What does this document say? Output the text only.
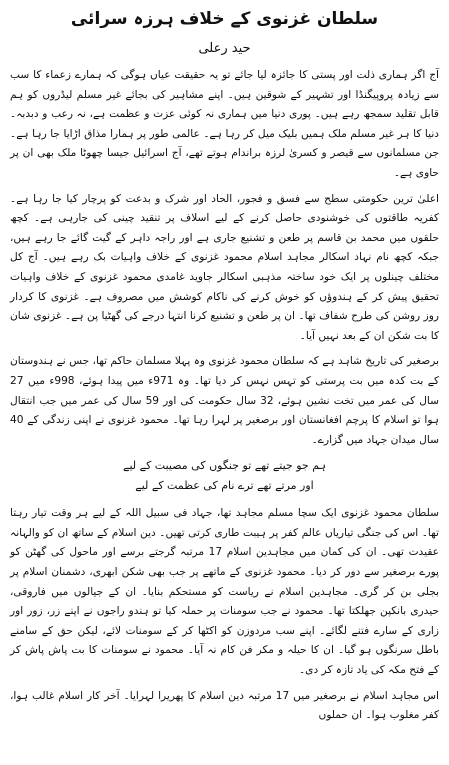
سلطان غزنوی کے خلاف ہرزہ سرائی
حید رعلی

آج اگر ہماری ذلت اور پستی کا جائزہ لیا جائے تو یہ حقیقت عیاں ہوگی کہ ہمارے زعماء کا سب سے زیادہ پروپیگنڈا اور تشہیر کے شوقین ہیں۔ اپنے مشاہیر کی بجائے غیر مسلم لیڈروں کو ہم قابل تقلید سمجھ رہے ہیں۔ پوری دنیا میں ہماری نہ کوئی عزت و عظمت ہے، نہ رعب و دبدبہ۔ دنیا کا ہر غیر مسلم ملک ہمیں بلیک میل کر رہا ہے۔ عالمی طور پر ہمارا مذاق اڑایا جا رہا ہے۔ جن مسلمانوں سے قیصر و کسریٰ لرزہ براندام ہوتے تھے، آج اسرائیل جیسا چھوٹا ملک بھی ان پر حاوی ہے۔

اعلیٰ ترین حکومتی سطح سے فسق و فجور، الحاد اور شرک و بدعت کو پرچار کیا جا رہا ہے۔ کفریہ طاقتوں کی خوشنودی حاصل کرنے کے لیے اسلاف پر تنقید چینی کی جارہی ہے۔ کچھ حلقوں میں محمد بن قاسم پر طعن و تشنیع جاری ہے اور راجہ داہر کے گیت گائے جا رہے ہیں، جبکہ کچھ نام نہاد اسکالر مجاہد اسلام محمود غزنوی کے خلاف واہیات بک رہے ہیں۔ آج کل مختلف چینلوں پر ایک خود ساختہ مذہبی اسکالر جاوید غامدی محمود غزنوی کے خلاف واہیات تحقیق پیش کر کے ہندوؤں کو خوش کرنے کی ناکام کوشش میں مصروف ہے۔ غزنوی کا کردار روز روشن کی طرح شفاف تھا۔ ان پر طعن و تشنیع کرنا انتہا درجے کی گھٹیا پن ہے۔ غزنوی شان کا بت شکن ان کے بعد نہیں آیا۔

برصغیر کی تاریخ شاہد ہے کہ سلطان محمود غزنوی وہ پہلا مسلمان حاکم تھا، جس نے ہندوستان کے بت کدہ میں بت پرستی کو تہس نہس کر دیا تھا۔ وہ 971ء میں پیدا ہوئے، 998ء میں 27 سال کی عمر میں تخت نشین ہوئے، 32 سال حکومت کی اور 59 سال کی عمر میں جب انتقال ہوا تو اسلام کا پرچم افغانستان اور برصغیر پر لہرا رہا تھا۔ محمود غزنوی نے اپنی زندگی کے 40 سال میدان جہاد میں گزارے۔

ہم جو جیتے تھے تو جنگوں کی مصیبت کے لیے
اور مرتے تھے ترے نام کی عظمت کے لیے

سلطان محمود غزنوی ایک سچا مسلم مجاہد تھا، جہاد فی سبیل اللہ کے لیے ہر وقت تیار رہتا تھا۔ اس کی جنگی تیاریاں عالم کفر پر ہیبت طاری کرتی تھیں۔ دین اسلام کے ساتھ ان کو والہانہ عقیدت تھی۔ ان کی کمان میں مجاہدین اسلام 17 مرتبہ گرجتے برسے اور ماحول کی گھٹن کو پورے برصغیر سے دور کر دیا۔ محمود غزنوی کے ماتھے پر جب بھی شکن ابھری، دشمنان اسلام پر بجلی بن کر گری۔ مجاہدین اسلام نے ریاست کو مستحکم بنایا۔ ان کے جیالوں میں فاروقی، حیدری بانکپن جھلکتا تھا۔ محمود نے جب سومنات پر حملہ کیا تو ہندو راجوں نے اپنے زر، زور اور زاری کے سارے فتنے لگائے۔ اپنے سب مردوزن کو اکٹھا کر کے سومنات لائے، لیکن حق کے سامنے باطل سرنگوں ہو گیا۔ ان کا حیلہ و مکر فن کام نہ آیا۔ محمود نے سومنات کا بت پاش پاش کر کے فتح مکہ کی یاد تازہ کر دی۔

اس مجاہد اسلام نے برصغیر میں 17 مرتبہ دین اسلام کا پھریرا لہرایا۔ آخر کار اسلام غالب ہوا، کفر مغلوب ہوا۔ ان حملوں
